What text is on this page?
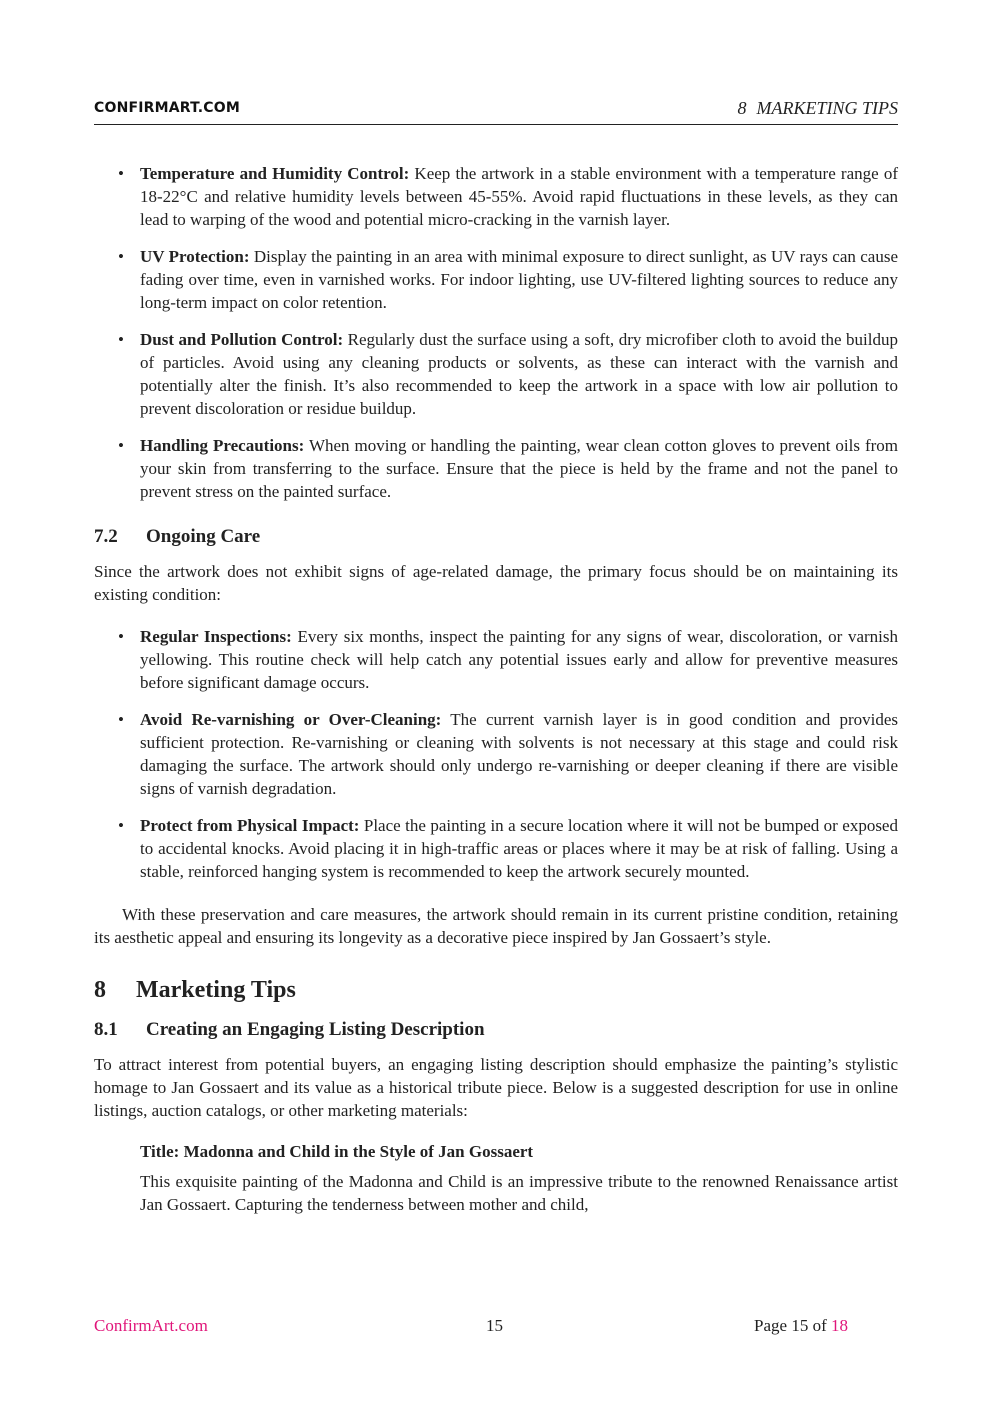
CONFIRMART.COM	8 MARKETING TIPS
• Temperature and Humidity Control: Keep the artwork in a stable environment with a temperature range of 18-22°C and relative humidity levels between 45-55%. Avoid rapid fluctuations in these levels, as they can lead to warping of the wood and potential micro-cracking in the varnish layer.
• UV Protection: Display the painting in an area with minimal exposure to direct sunlight, as UV rays can cause fading over time, even in varnished works. For indoor lighting, use UV-filtered lighting sources to reduce any long-term impact on color retention.
• Dust and Pollution Control: Regularly dust the surface using a soft, dry microfiber cloth to avoid the buildup of particles. Avoid using any cleaning products or solvents, as these can interact with the varnish and potentially alter the finish. It’s also recommended to keep the artwork in a space with low air pollution to prevent discoloration or residue buildup.
• Handling Precautions: When moving or handling the painting, wear clean cotton gloves to prevent oils from your skin from transferring to the surface. Ensure that the piece is held by the frame and not the panel to prevent stress on the painted surface.
7.2 Ongoing Care

Since the artwork does not exhibit signs of age-related damage, the primary focus should be on maintaining its existing condition:

• Regular Inspections: Every six months, inspect the painting for any signs of wear, discoloration, or varnish yellowing. This routine check will help catch any potential issues early and allow for preventive measures before significant damage occurs.
• Avoid Re-varnishing or Over-Cleaning: The current varnish layer is in good condition and provides sufficient protection. Re-varnishing or cleaning with solvents is not necessary at this stage and could risk damaging the surface. The artwork should only undergo re-varnishing or deeper cleaning if there are visible signs of varnish degradation.
• Protect from Physical Impact: Place the painting in a secure location where it will not be bumped or exposed to accidental knocks. Avoid placing it in high-traffic areas or places where it may be at risk of falling. Using a stable, reinforced hanging system is recommended to keep the artwork securely mounted.

With these preservation and care measures, the artwork should remain in its current pristine condition, retaining its aesthetic appeal and ensuring its longevity as a decorative piece inspired by Jan Gossaert’s style.

8 Marketing Tips
8.1 Creating an Engaging Listing Description

To attract interest from potential buyers, an engaging listing description should emphasize the painting’s stylistic homage to Jan Gossaert and its value as a historical tribute piece. Below is a suggested description for use in online listings, auction catalogs, or other marketing materials:

Title: Madonna and Child in the Style of Jan Gossaert

This exquisite painting of the Madonna and Child is an impressive tribute to the renowned Renaissance artist Jan Gossaert. Capturing the tenderness between mother and child,

ConfirmArt.com	15	Page 15 of 18
